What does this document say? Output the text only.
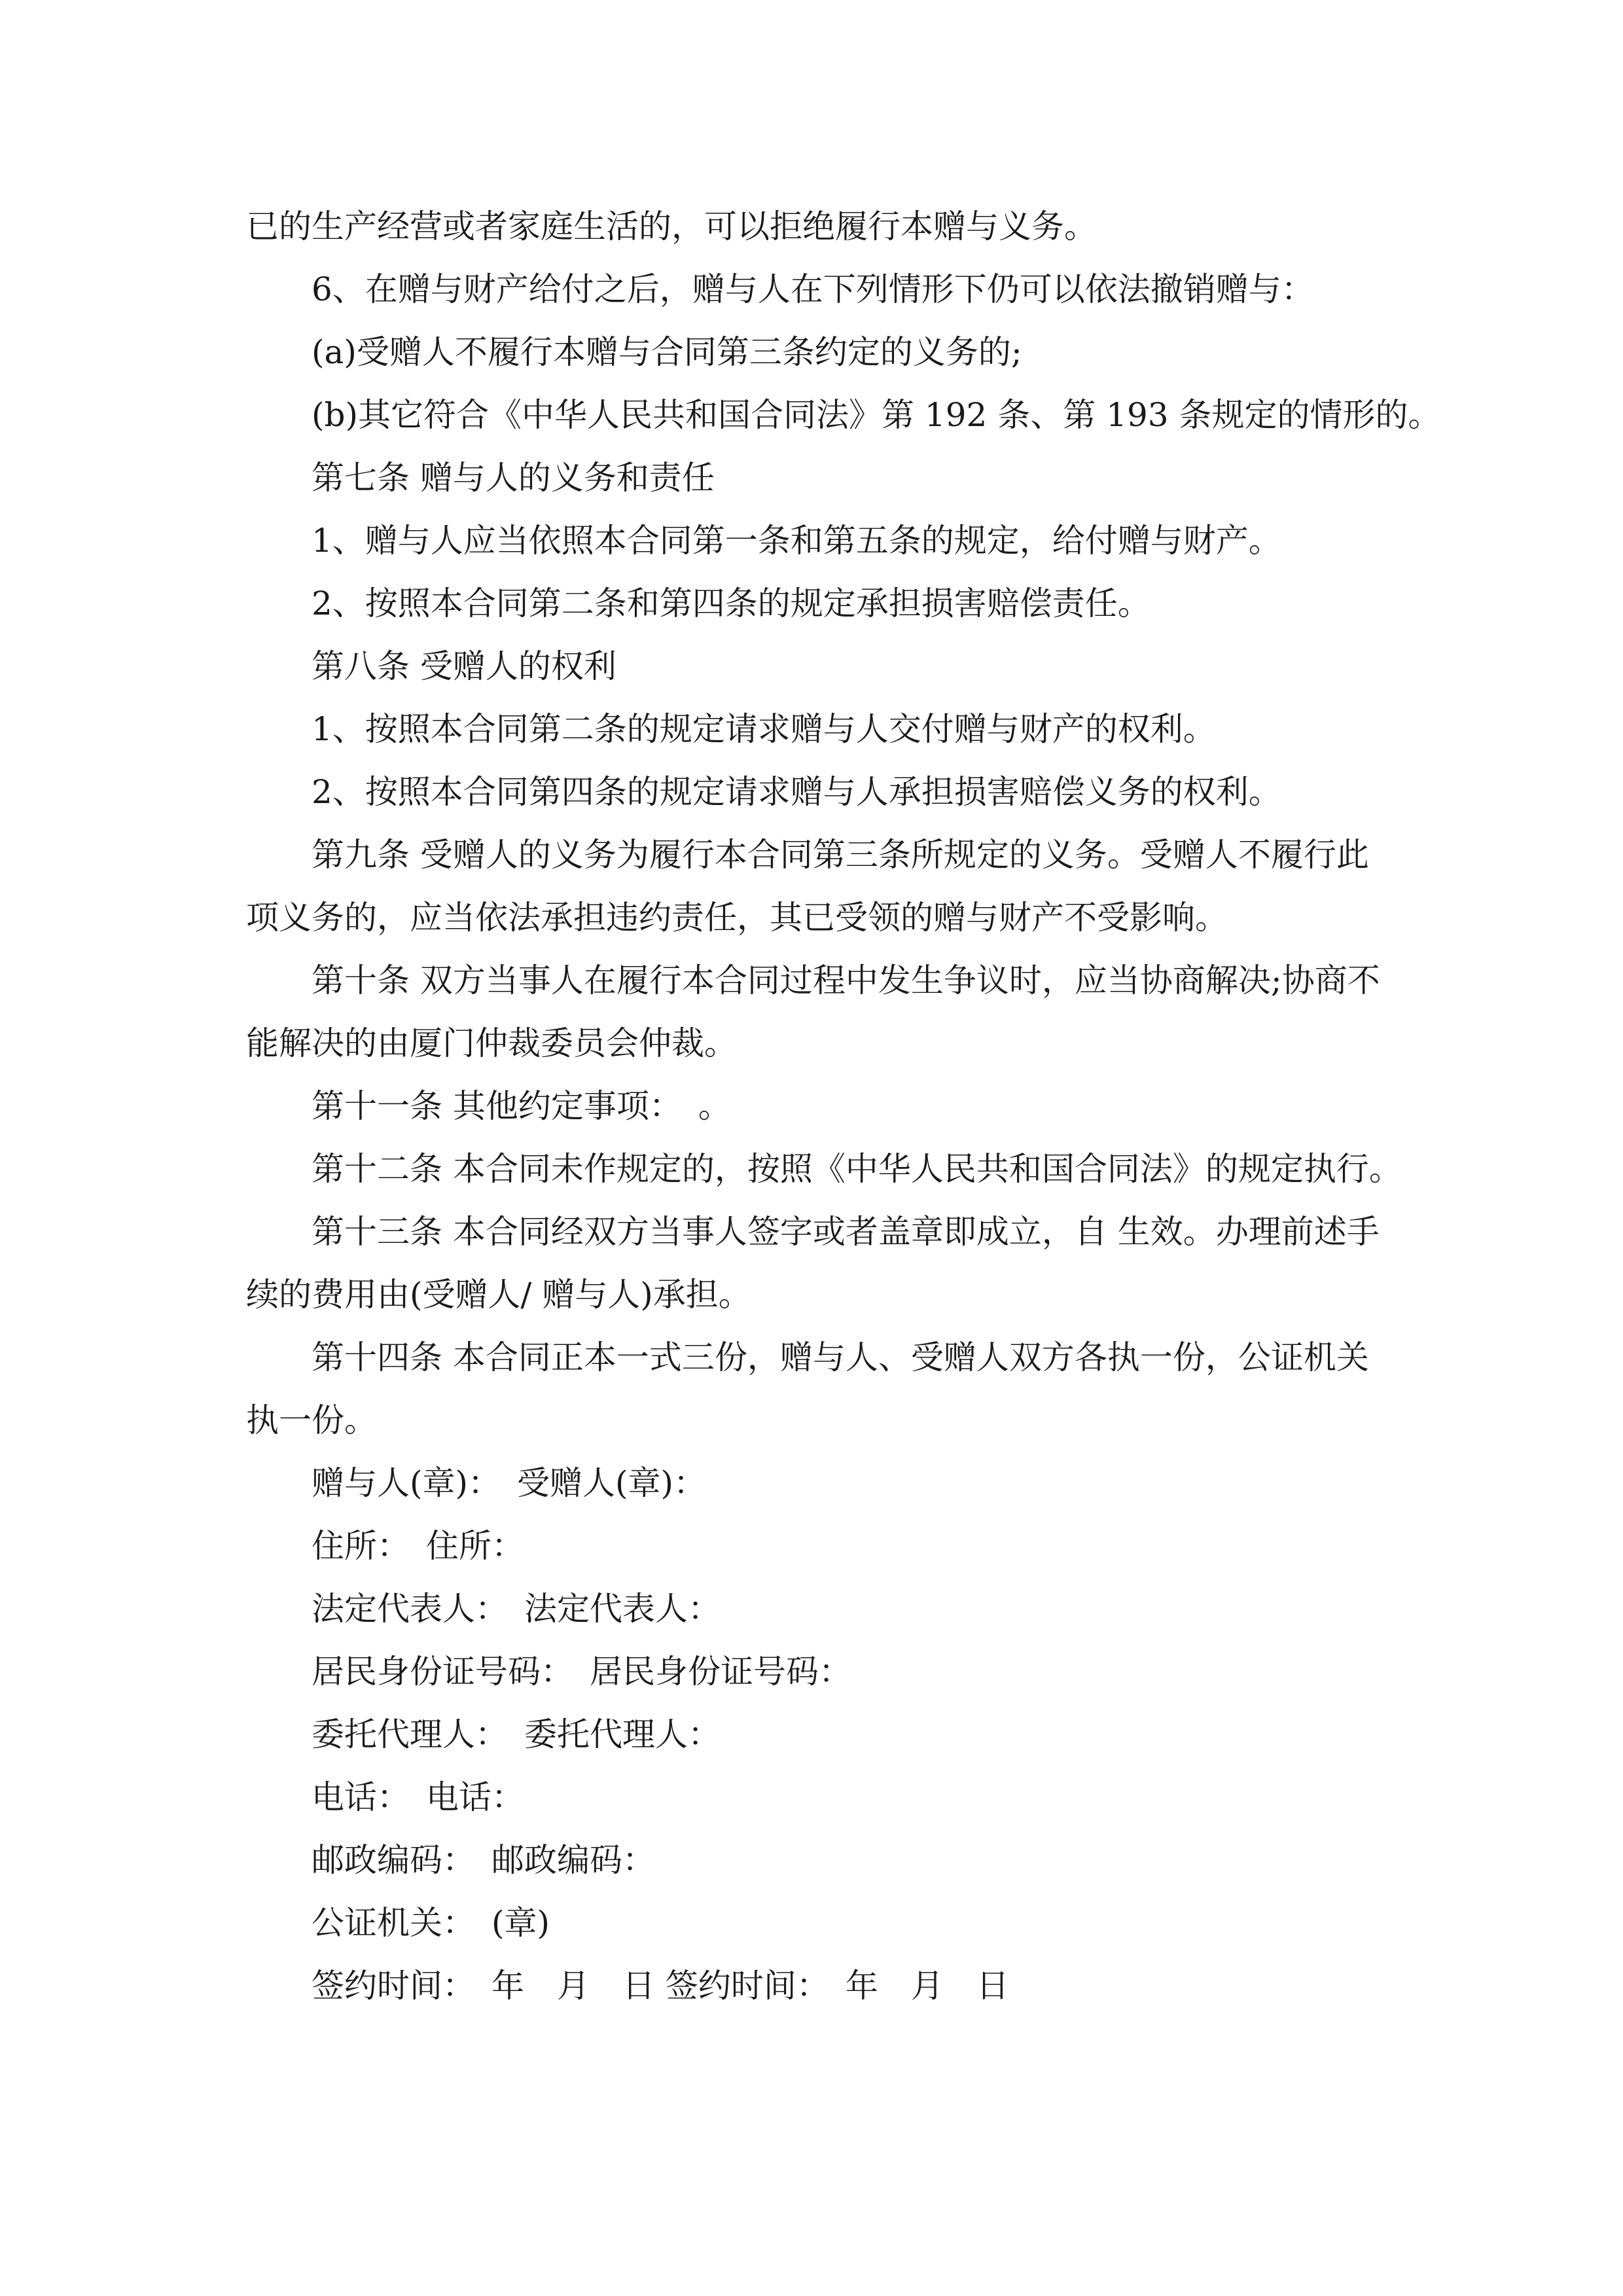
已的生产经营或者家庭生活的，可以拒绝履行本赠与义务。
6、在赠与财产给付之后，赠与人在下列情形下仍可以依法撤销赠与：
(a)受赠人不履行本赠与合同第三条约定的义务的;
(b)其它符合《中华人民共和国合同法》第 192 条、第 193 条规定的情形的。
第七条 赠与人的义务和责任
1、赠与人应当依照本合同第一条和第五条的规定，给付赠与财产。
2、按照本合同第二条和第四条的规定承担损害赔偿责任。
第八条 受赠人的权利
1、按照本合同第二条的规定请求赠与人交付赠与财产的权利。
2、按照本合同第四条的规定请求赠与人承担损害赔偿义务的权利。
第九条 受赠人的义务为履行本合同第三条所规定的义务。受赠人不履行此
项义务的，应当依法承担违约责任，其已受领的赠与财产不受影响。
第十条 双方当事人在履行本合同过程中发生争议时，应当协商解决;协商不
能解决的由厦门仲裁委员会仲裁。
第十一条 其他约定事项：　。
第十二条 本合同未作规定的，按照《中华人民共和国合同法》的规定执行。
第十三条 本合同经双方当事人签字或者盖章即成立，自 生效。办理前述手
续的费用由(受赠人/ 赠与人)承担。
第十四条 本合同正本一式三份，赠与人、受赠人双方各执一份，公证机关
执一份。
赠与人(章)：　受赠人(章)：
住所：　住所：
法定代表人：　法定代表人：
居民身份证号码：　居民身份证号码：
委托代理人：　委托代理人：
电话：　电话：
邮政编码：　邮政编码：
公证机关：　(章)
签约时间：　年　月　日 签约时间：　年　月　日
